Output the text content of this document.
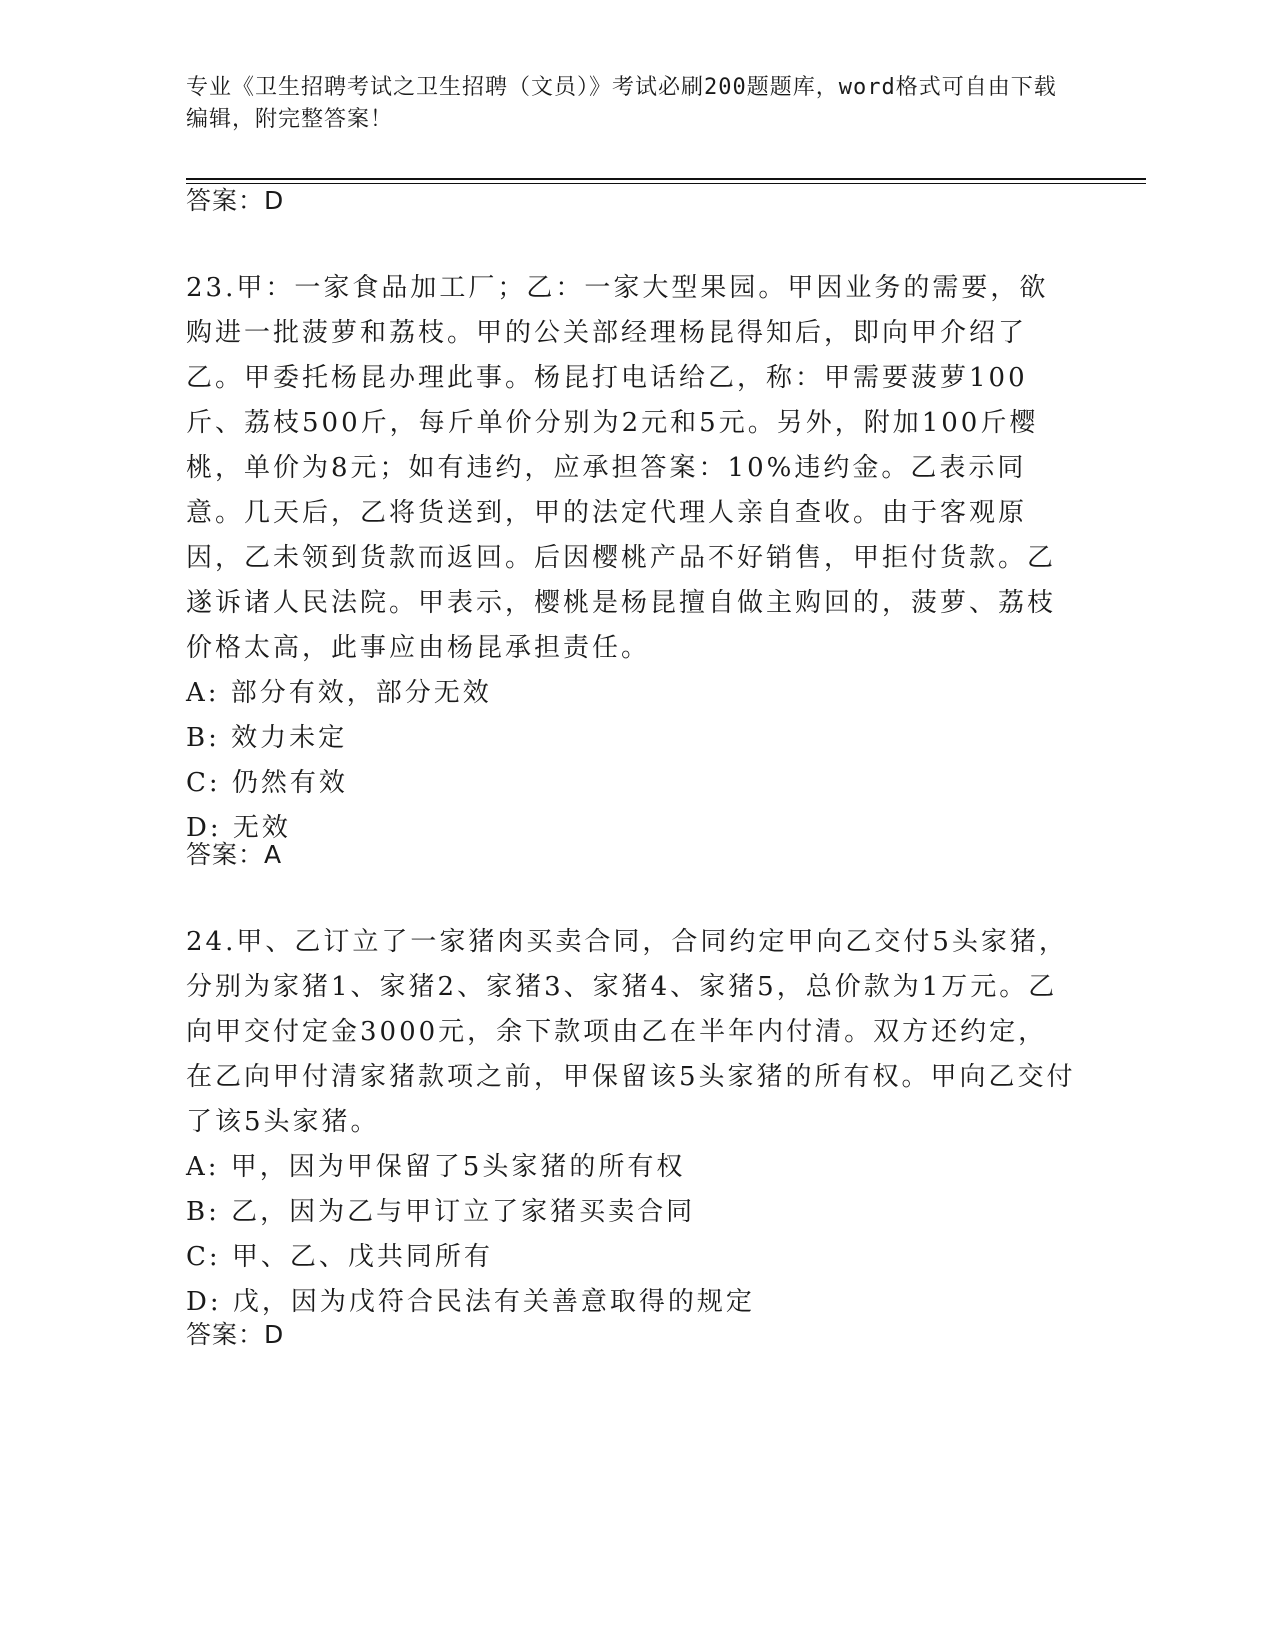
专业《卫生招聘考试之卫生招聘（文员）》考试必刷200题题库，word格式可自由下载编辑，附完整答案！
答案：D
23.甲：一家食品加工厂；乙：一家大型果园。甲因业务的需要，欲购进一批菠萝和荔枝。甲的公关部经理杨昆得知后，即向甲介绍了乙。甲委托杨昆办理此事。杨昆打电话给乙，称：甲需要菠萝100斤、荔枝500斤，每斤单价分别为2元和5元。另外，附加100斤樱桃，单价为8元；如有违约，应承担答案：10%违约金。乙表示同意。几天后，乙将货送到，甲的法定代理人亲自查收。由于客观原因，乙未领到货款而返回。后因樱桃产品不好销售，甲拒付货款。乙遂诉诸人民法院。甲表示，樱桃是杨昆擅自做主购回的，菠萝、荔枝价格太高，此事应由杨昆承担责任。
A: 部分有效，部分无效
B: 效力未定
C: 仍然有效
D: 无效
答案：A
24.甲、乙订立了一家猪肉买卖合同，合同约定甲向乙交付5头家猪，分别为家猪1、家猪2、家猪3、家猪4、家猪5，总价款为1万元。乙向甲交付定金3000元，余下款项由乙在半年内付清。双方还约定，在乙向甲付清家猪款项之前，甲保留该5头家猪的所有权。甲向乙交付了该5头家猪。
A: 甲，因为甲保留了5头家猪的所有权
B: 乙，因为乙与甲订立了家猪买卖合同
C: 甲、乙、戊共同所有
D: 戊，因为戊符合民法有关善意取得的规定
答案：D
